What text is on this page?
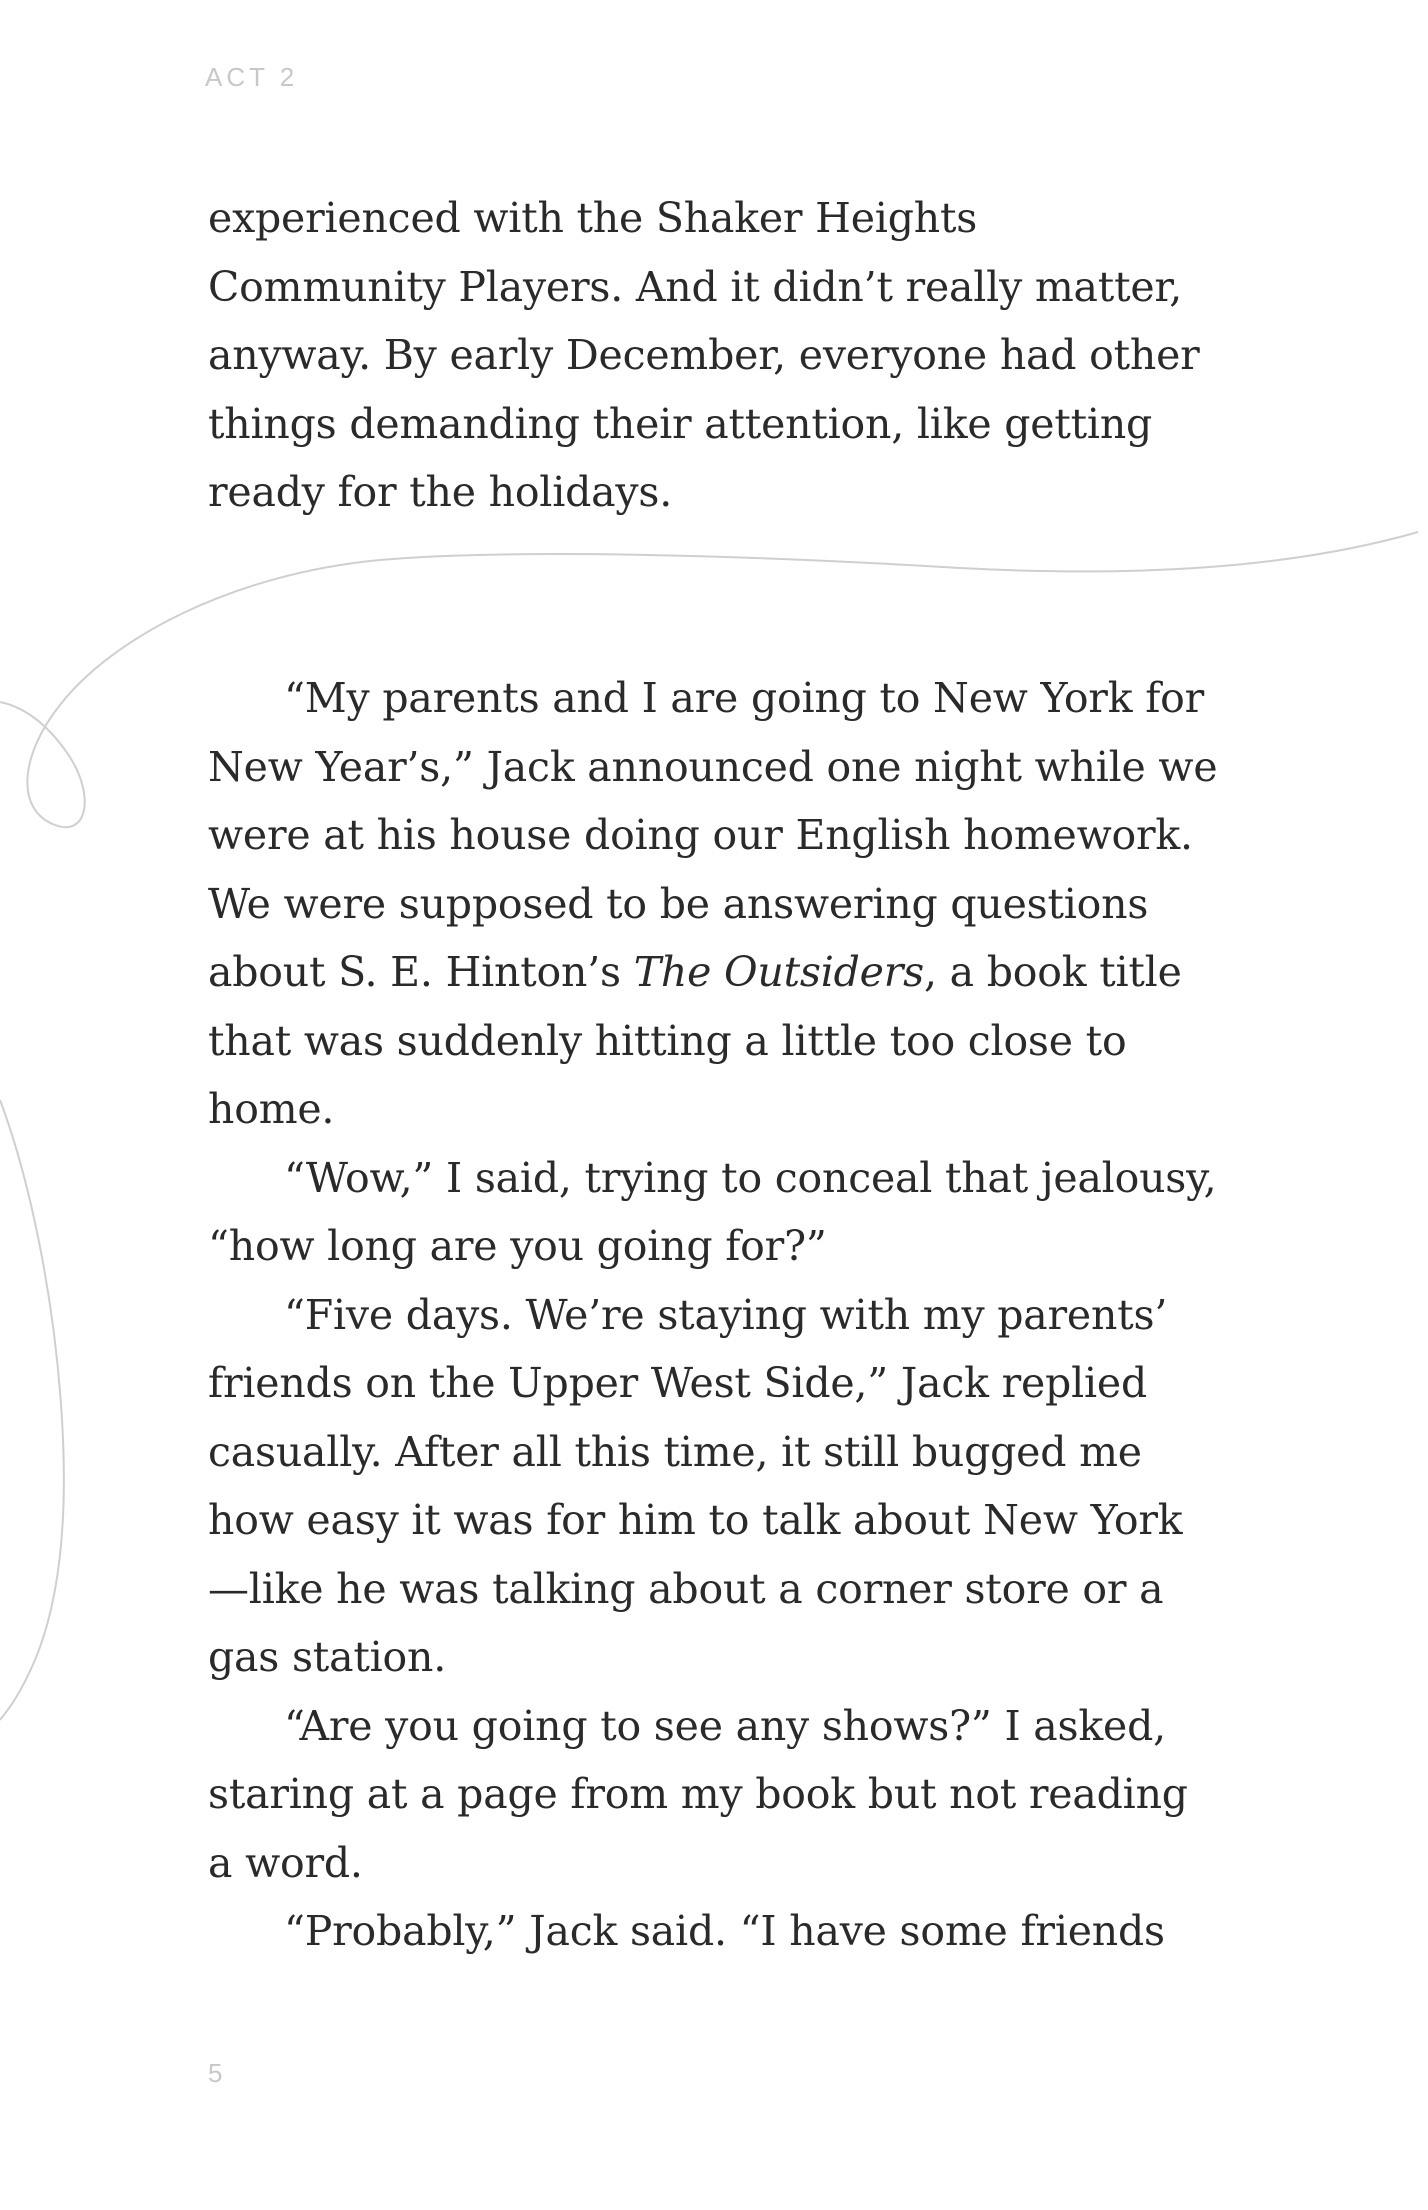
ACT 2

experienced with the Shaker Heights Community Players. And it didn’t really matter, anyway. By early December, everyone had other things demanding their attention, like getting ready for the holidays.

“My parents and I are going to New York for New Year’s,” Jack announced one night while we were at his house doing our English homework. We were supposed to be answering questions about S. E. Hinton’s The Outsiders, a book title that was suddenly hitting a little too close to home.

“Wow,” I said, trying to conceal that jealousy, “how long are you going for?”

“Five days. We’re staying with my parents’ friends on the Upper West Side,” Jack replied casually. After all this time, it still bugged me how easy it was for him to talk about New York—like he was talking about a corner store or a gas station.

“Are you going to see any shows?” I asked, staring at a page from my book but not reading a word.

“Probably,” Jack said. “I have some friends

5
